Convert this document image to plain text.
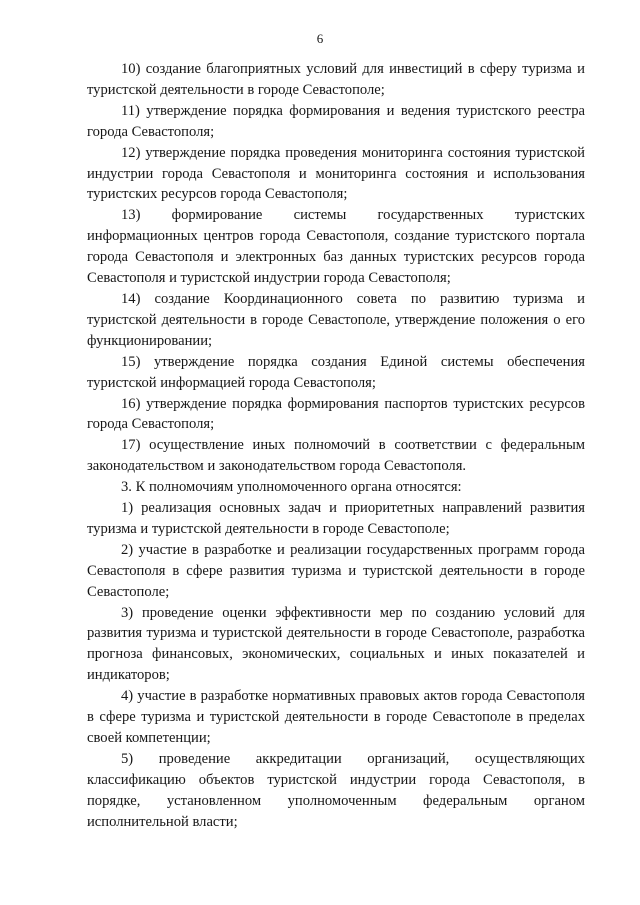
6

10) создание благоприятных условий для инвестиций в сферу туризма и туристской деятельности в городе Севастополе;

11) утверждение порядка формирования и ведения туристского реестра города Севастополя;

12) утверждение порядка проведения мониторинга состояния туристской индустрии города Севастополя и мониторинга состояния и использования туристских ресурсов города Севастополя;

13) формирование системы государственных туристских информационных центров города Севастополя, создание туристского портала города Севастополя и электронных баз данных туристских ресурсов города Севастополя и туристской индустрии города Севастополя;

14) создание Координационного совета по развитию туризма и туристской деятельности в городе Севастополе, утверждение положения о его функционировании;

15) утверждение порядка создания Единой системы обеспечения туристской информацией города Севастополя;

16) утверждение порядка формирования паспортов туристских ресурсов города Севастополя;

17) осуществление иных полномочий в соответствии с федеральным законодательством и законодательством города Севастополя.

3. К полномочиям уполномоченного органа относятся:

1) реализация основных задач и приоритетных направлений развития туризма и туристской деятельности в городе Севастополе;

2) участие в разработке и реализации государственных программ города Севастополя в сфере развития туризма и туристской деятельности в городе Севастополе;

3) проведение оценки эффективности мер по созданию условий для развития туризма и туристской деятельности в городе Севастополе, разработка прогноза финансовых, экономических, социальных и иных показателей и индикаторов;

4) участие в разработке нормативных правовых актов города Севастополя в сфере туризма и туристской деятельности в городе Севастополе в пределах своей компетенции;

5) проведение аккредитации организаций, осуществляющих классификацию объектов туристской индустрии города Севастополя, в порядке, установленном уполномоченным федеральным органом исполнительной власти;
